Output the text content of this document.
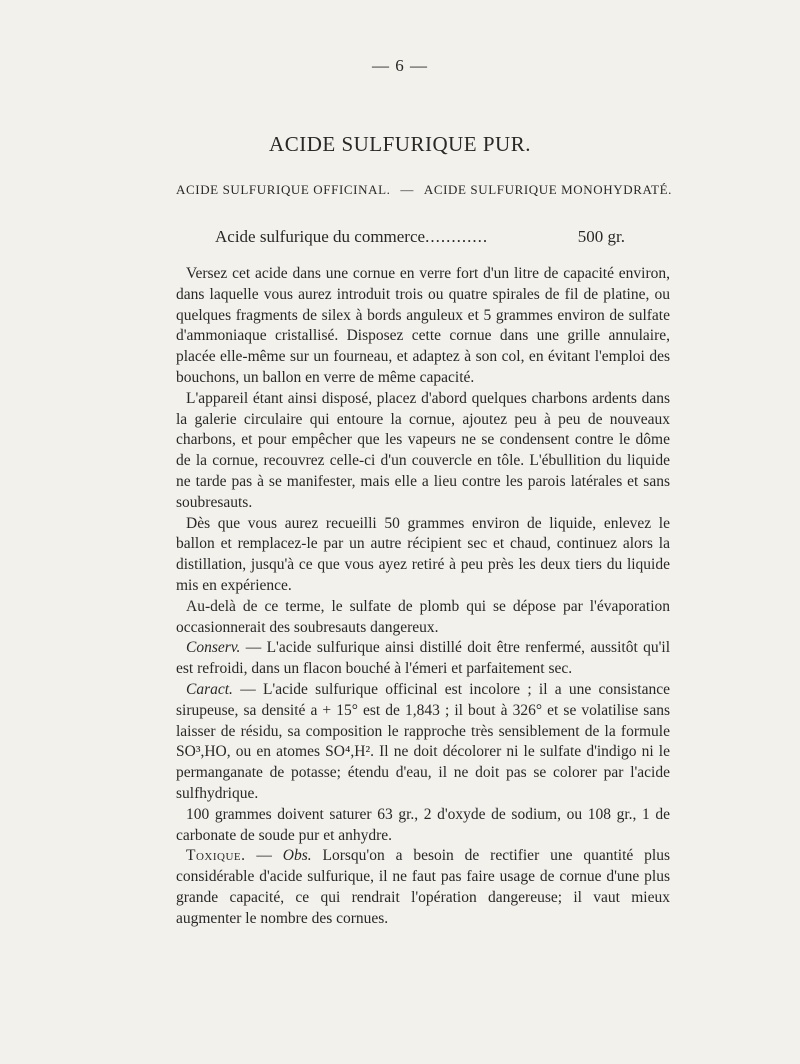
— 6 —
ACIDE SULFURIQUE PUR.
ACIDE SULFURIQUE OFFICINAL. — ACIDE SULFURIQUE MONOHYDRATÉ.
Acide sulfurique du commerce ............	500 gr.

Versez cet acide dans une cornue en verre fort d'un litre de capacité environ, dans laquelle vous aurez introduit trois ou quatre spirales de fil de platine, ou quelques fragments de silex à bords anguleux et 5 grammes environ de sulfate d'ammoniaque cristallisé. Disposez cette cornue dans une grille annulaire, placée elle-même sur un fourneau, et adaptez à son col, en évitant l'emploi des bouchons, un ballon en verre de même capacité.

L'appareil étant ainsi disposé, placez d'abord quelques charbons ardents dans la galerie circulaire qui entoure la cornue, ajoutez peu à peu de nouveaux charbons, et pour empêcher que les vapeurs ne se condensent contre le dôme de la cornue, recouvrez celle-ci d'un couvercle en tôle. L'ébullition du liquide ne tarde pas à se manifester, mais elle a lieu contre les parois latérales et sans soubresauts.

Dès que vous aurez recueilli 50 grammes environ de liquide, enlevez le ballon et remplacez-le par un autre récipient sec et chaud, continuez alors la distillation, jusqu'à ce que vous ayez retiré à peu près les deux tiers du liquide mis en expérience.

Au-delà de ce terme, le sulfate de plomb qui se dépose par l'évaporation occasionnerait des soubresauts dangereux.

Conserv. — L'acide sulfurique ainsi distillé doit être renfermé, aussitôt qu'il est refroidi, dans un flacon bouché à l'émeri et parfaitement sec.

Caract. — L'acide sulfurique officinal est incolore ; il a une consistance sirupeuse, sa densité a + 15° est de 1,843 ; il bout à 326° et se volatilise sans laisser de résidu, sa composition le rapproche très sensiblement de la formule SO³,HO, ou en atomes SO⁴,H². Il ne doit décolorer ni le sulfate d'indigo ni le permanganate de potasse; étendu d'eau, il ne doit pas se colorer par l'acide sulfhydrique.

100 grammes doivent saturer 63 gr., 2 d'oxyde de sodium, ou 108 gr., 1 de carbonate de soude pur et anhydre.

Toxique. — Obs. Lorsqu'on a besoin de rectifier une quantité plus considérable d'acide sulfurique, il ne faut pas faire usage de cornue d'une plus grande capacité, ce qui rendrait l'opération dangereuse; il vaut mieux augmenter le nombre des cornues.
